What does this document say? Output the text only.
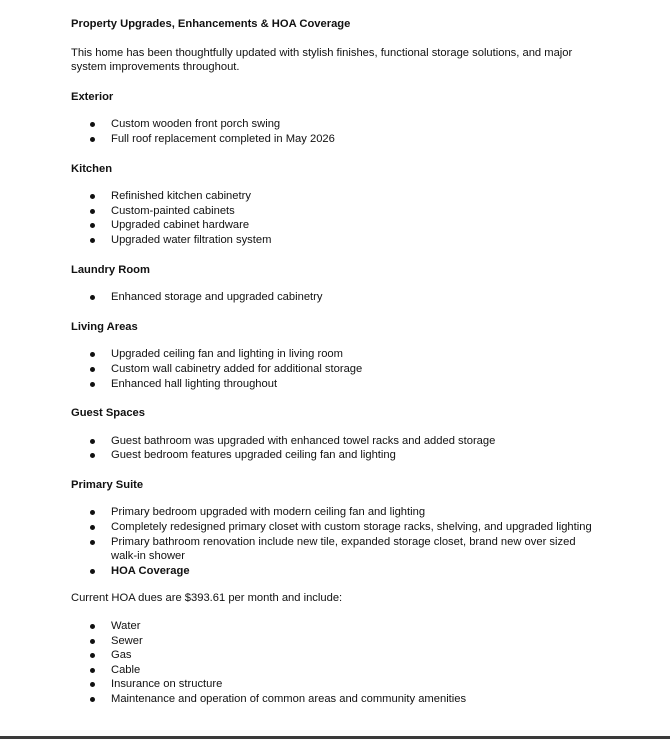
Property Upgrades, Enhancements & HOA Coverage

This home has been thoughtfully updated with stylish finishes, functional storage solutions, and major system improvements throughout.

Exterior

Custom wooden front porch swing
Full roof replacement completed in May 2026

Kitchen

Refinished kitchen cabinetry
Custom-painted cabinets
Upgraded cabinet hardware
Upgraded water filtration system

Laundry Room

Enhanced storage and upgraded cabinetry

Living Areas

Upgraded ceiling fan and lighting in living room
Custom wall cabinetry added for additional storage
Enhanced hall lighting throughout

Guest Spaces

Guest bathroom was upgraded with enhanced towel racks and added storage
Guest bedroom features upgraded ceiling fan and lighting

Primary Suite

Primary bedroom upgraded with modern ceiling fan and lighting
Completely redesigned primary closet with custom storage racks, shelving, and upgraded lighting
Primary bathroom renovation include new tile, expanded storage closet, brand new over sized walk-in shower
HOA Coverage

Current HOA dues are $393.61 per month and include:

Water
Sewer
Gas
Cable
Insurance on structure
Maintenance and operation of common areas and community amenities
